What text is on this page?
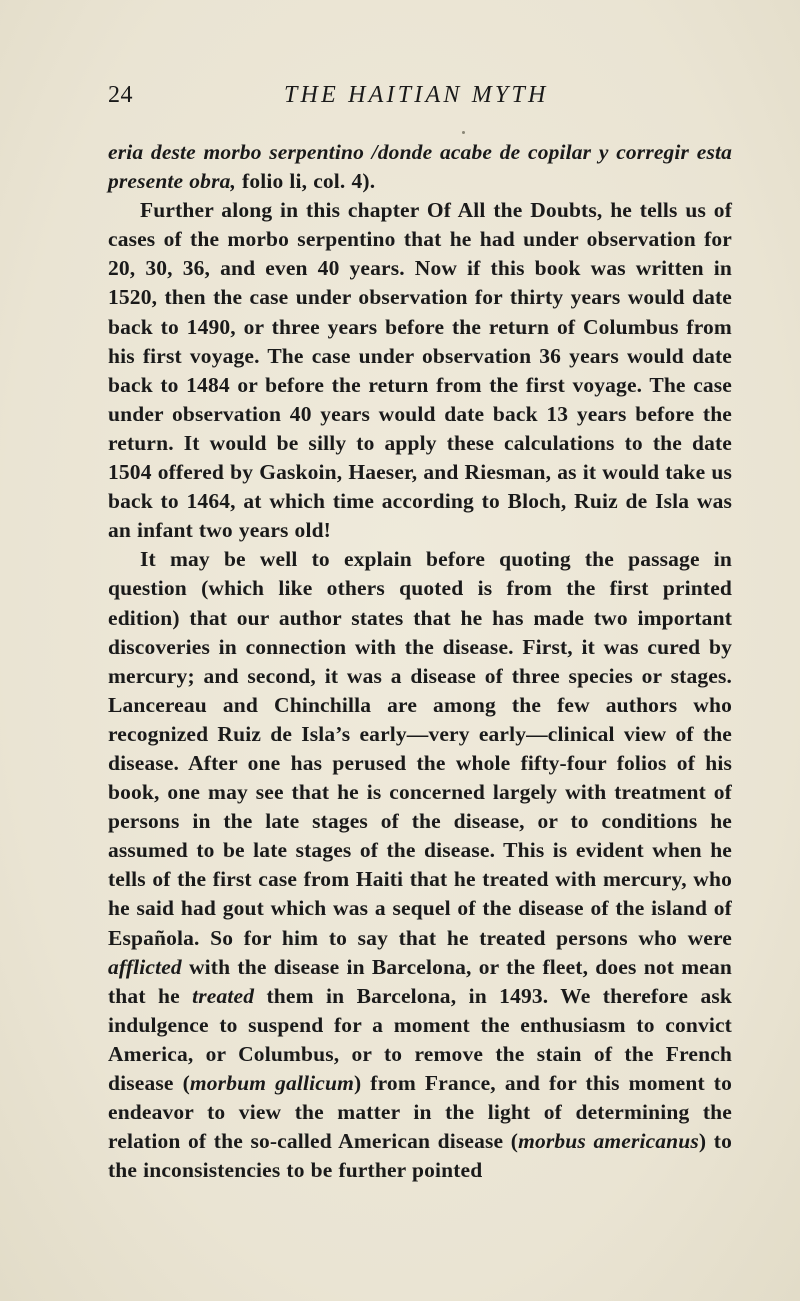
24	THE HAITIAN MYTH

eria deste morbo serpentino /donde acabe de copilar y corregir esta presente obra, folio li, col. 4).

Further along in this chapter Of All the Doubts, he tells us of cases of the morbo serpentino that he had under observation for 20, 30, 36, and even 40 years. Now if this book was written in 1520, then the case under observation for thirty years would date back to 1490, or three years before the return of Columbus from his first voyage. The case under observation 36 years would date back to 1484 or before the return from the first voyage. The case under observation 40 years would date back 13 years before the return. It would be silly to apply these calculations to the date 1504 offered by Gaskoin, Haeser, and Riesman, as it would take us back to 1464, at which time according to Bloch, Ruiz de Isla was an infant two years old!

It may be well to explain before quoting the passage in question (which like others quoted is from the first printed edition) that our author states that he has made two important discoveries in connection with the disease. First, it was cured by mercury; and second, it was a disease of three species or stages. Lancereau and Chinchilla are among the few authors who recognized Ruiz de Isla’s early—very early—clinical view of the disease. After one has perused the whole fifty-four folios of his book, one may see that he is concerned largely with treatment of persons in the late stages of the disease, or to conditions he assumed to be late stages of the disease. This is evident when he tells of the first case from Haiti that he treated with mercury, who he said had gout which was a sequel of the disease of the island of Española. So for him to say that he treated persons who were afflicted with the disease in Barcelona, or the fleet, does not mean that he treated them in Barcelona, in 1493. We therefore ask indulgence to suspend for a moment the enthusiasm to convict America, or Columbus, or to remove the stain of the French disease (morbum gallicum) from France, and for this moment to endeavor to view the matter in the light of determining the relation of the so-called American disease (morbus americanus) to the inconsistencies to be further pointed
